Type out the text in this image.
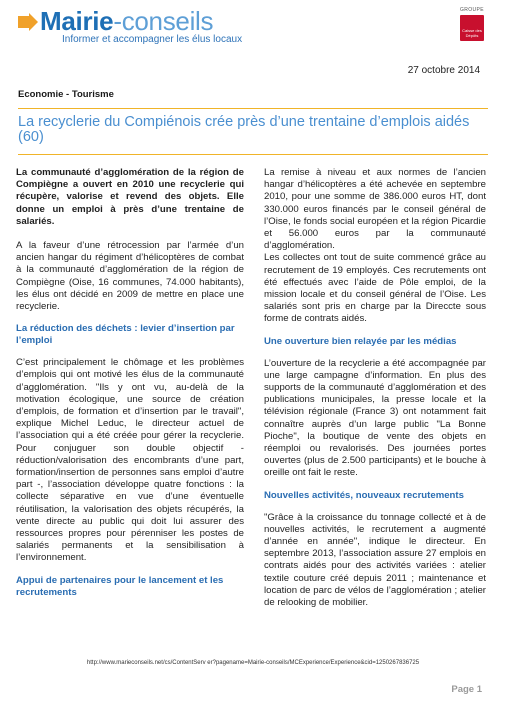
Mairie-conseils
Informer et accompagner les élus locaux
GROUPE
Caisse des Dépôts
27 octobre 2014
Economie - Tourisme
La recyclerie du Compiénois crée près d’une trentaine d’emplois aidés (60)

La communauté d’agglomération de la région de Compiègne a ouvert en 2010 une recyclerie qui récupère, valorise et revend des objets. Elle donne un emploi à près d’une trentaine de salariés.

A la faveur d’une rétrocession par l’armée d’un ancien hangar du régiment d’hélicoptères de combat à la communauté d’agglomération de la région de Compiègne (Oise, 16 communes, 74.000 habitants), les élus ont décidé en 2009 de mettre en place une recyclerie.

La réduction des déchets : levier d’insertion par l’emploi

C’est principalement le chômage et les problèmes d’emplois qui ont motivé les élus de la communauté d’agglomération. "Ils y ont vu, au-delà de la motivation écologique, une source de création d’emplois, de formation et d’insertion par le travail", explique Michel Leduc, le directeur actuel de l’association qui a été créée pour gérer la recyclerie. Pour conjuguer son double objectif - réduction/valorisation des encombrants d’une part, formation/insertion de personnes sans emploi d’autre part -, l’association développe quatre fonctions : la collecte séparative en vue d’une éventuelle réutilisation, la valorisation des objets récupérés, la vente directe au public qui doit lui assurer des ressources propres pour pérenniser les postes de salariés permanents et la sensibilisation à l’environnement.

Appui de partenaires pour le lancement et les recrutements

La remise à niveau et aux normes de l’ancien hangar d’hélicoptères a été achevée en septembre 2010, pour une somme de 386.000 euros HT, dont 330.000 euros financés par le conseil général de l’Oise, le fonds social européen et la région Picardie et 56.000 euros par la communauté d’agglomération.
Les collectes ont tout de suite commencé grâce au recrutement de 19 employés. Ces recrutements ont été effectués avec l’aide de Pôle emploi, de la mission locale et du conseil général de l’Oise. Les salariés sont pris en charge par la Direccte sous forme de contrats aidés.

Une ouverture bien relayée par les médias

L’ouverture de la recyclerie a été accompagnée par une large campagne d’information. En plus des supports de la communauté d’agglomération et des publications municipales, la presse locale et la télévision régionale (France 3) ont notamment fait connaître auprès d’un large public "La Bonne Pioche", la boutique de vente des objets en réemploi ou revalorisés. Des journées portes ouvertes (plus de 2.500 participants) et le bouche à oreille ont fait le reste.

Nouvelles activités, nouveaux recrutements

"Grâce à la croissance du tonnage collecté et à de nouvelles activités, le recrutement a augmenté d’année en année", indique le directeur. En septembre 2013, l’association assure 27 emplois en contrats aidés pour des activités variées : atelier textile couture créé depuis 2011 ; maintenance et location de parc de vélos de l’agglomération ; atelier de relooking de mobilier.

http://www.marieconseils.net/cs/ContentServ er?pagename=Mairie-conseils/MCExperience/Experience&cid=1250267836725
Page 1
